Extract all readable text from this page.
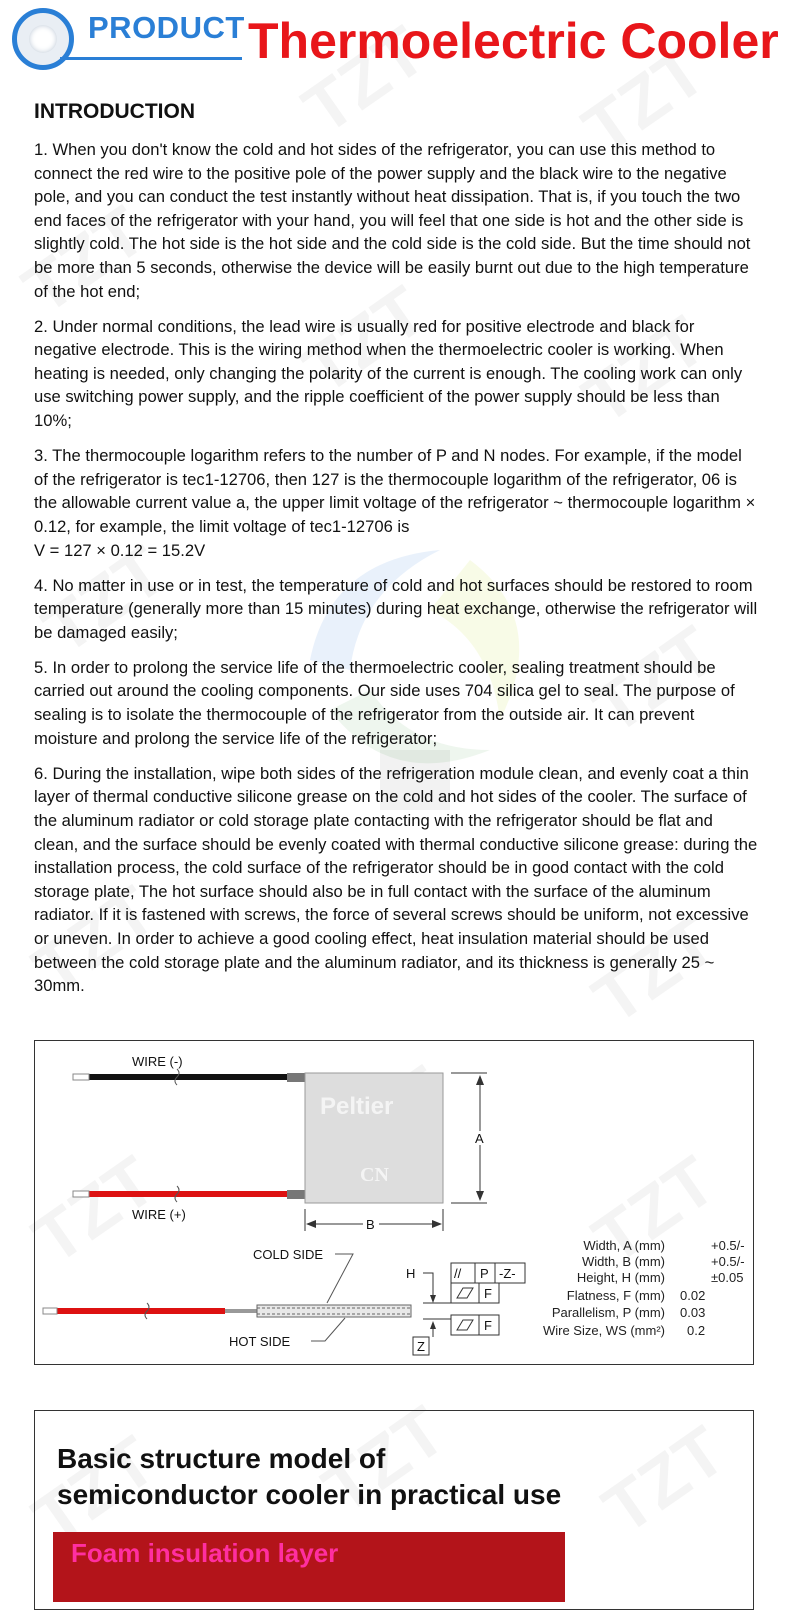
PRODUCT Thermoelectric Cooler
INTRODUCTION

1. When you don't know the cold and hot sides of the refrigerator, you can use this method to connect the red wire to the positive pole of the power supply and the black wire to the negative pole, and you can conduct the test instantly without heat dissipation. That is, if you touch the two end faces of the refrigerator with your hand, you will feel that one side is hot and the other side is slightly cold. The hot side is the hot side and the cold side is the cold side. But the time should not be more than 5 seconds, otherwise the device will be easily burnt out due to the high temperature of the hot end;

2. Under normal conditions, the lead wire is usually red for positive electrode and black for negative electrode. This is the wiring method when the thermoelectric cooler is working. When heating is needed, only changing the polarity of the current is enough. The cooling work can only use switching power supply, and the ripple coefficient of the power supply should be less than 10%;

3. The thermocouple logarithm refers to the number of P and N nodes. For example, if the model of the refrigerator is tec1-12706, then 127 is the thermocouple logarithm of the refrigerator, 06 is the allowable current value a, the upper limit voltage of the refrigerator ~ thermocouple logarithm × 0.12, for example, the limit voltage of tec1-12706 is

V = 127 × 0.12 = 15.2V

4. No matter in use or in test, the temperature of cold and hot surfaces should be restored to room temperature (generally more than 15 minutes) during heat exchange, otherwise the refrigerator will be damaged easily;

5. In order to prolong the service life of the thermoelectric cooler, sealing treatment should be carried out around the cooling components. Our side uses 704 silica gel to seal. The purpose of sealing is to isolate the thermocouple of the refrigerator from the outside air. It can prevent moisture and prolong the service life of the refrigerator;

6. During the installation, wipe both sides of the refrigeration module clean, and evenly coat a thin layer of thermal conductive silicone grease on the cold and hot sides of the cooler. The surface of the aluminum radiator or cold storage plate contacting with the refrigerator should be flat and clean, and the surface should be evenly coated with thermal conductive silicone grease: during the installation process, the cold surface of the refrigerator should be in good contact with the cold storage plate, The hot surface should also be in full contact with the surface of the aluminum radiator. If it is fastened with screws, the force of several screws should be uniform, not excessive or uneven. In order to achieve a good cooling effect, heat insulation material should be used between the cold storage plate and the aluminum radiator, and its thickness is generally 25 ~ 30mm.

WIRE (-)
WIRE (+)
Peltier
CN
A
B
COLD SIDE
HOT SIDE
H
Z
// P -Z-
F
F
Width, A (mm)	+0.5/-
Width, B (mm)	+0.5/-
Height, H (mm)	±0.05
Flatness, F (mm) 0.02
Parallelism, P (mm) 0.03
Wire Size, WS (mm²) 0.2
Basic structure model of
semiconductor cooler in practical use
Foam insulation layer
